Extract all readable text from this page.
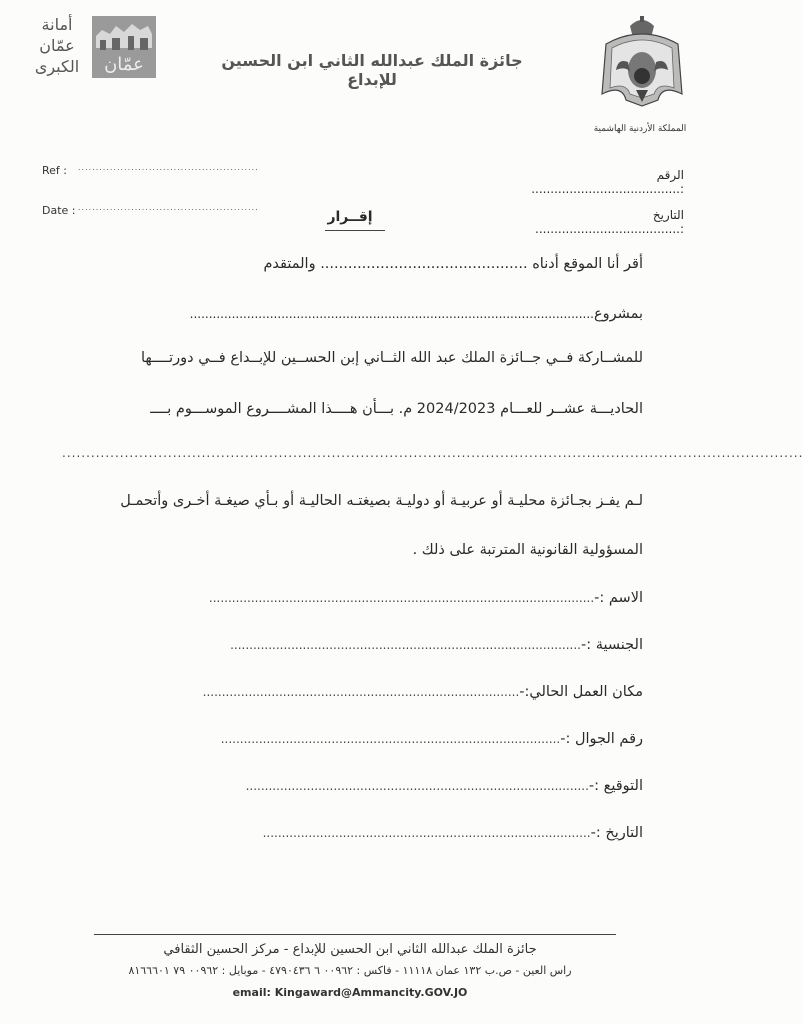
المملكة الأردنية الهاشمية
جائزة الملك عبدالله الثاني ابن الحسين للإبداع
أمانة
عمّان
الكبرى	عمّان
Ref : ...................................................
Date : ...................................................
الرقم :.......................................
التاريخ :......................................
إقــرار
أقر أنا الموقع أدناه ............................................. والمتقدم
بمشروع..........................................................................................................
للمشــاركة فــي جــائزة الملك عبد الله الثــاني إبن الحســين للإبــداع فــي دورتــــها
الحاديـــة عشــر للعـــام 2024/2023 م. بـــأن هــــذا المشــــروع الموســـوم بــــ
..........................................................................................................................................................
لـم يفـز بجـائزة محليـة أو عربيـة أو دوليـة بصيغتـه الحاليـة أو بـأي صيغـة أخـرى وأتحمـل
المسؤولية القانونية المترتبة على ذلك .
الاسم :-.....................................................................................................
الجنسية :-............................................................................................
مكان العمل الحالي:-...................................................................................
رقم الجوال :-.........................................................................................
التوقيع :-..........................................................................................
التاريخ :-......................................................................................
جائزة الملك عبدالله الثاني ابن الحسين للإبداع - مركز الحسين الثقافي
راس العين - ص.ب ١٣٢ عمان ١١١١٨ - فاكس : ٠٠٩٦٢ ٦ ٤٧٩٠٤٣٦ - موبايل : ٠٠٩٦٢ ٧٩ ٨١٦٦٦٠١
email: Kingaward@Ammancity.GOV.JO
